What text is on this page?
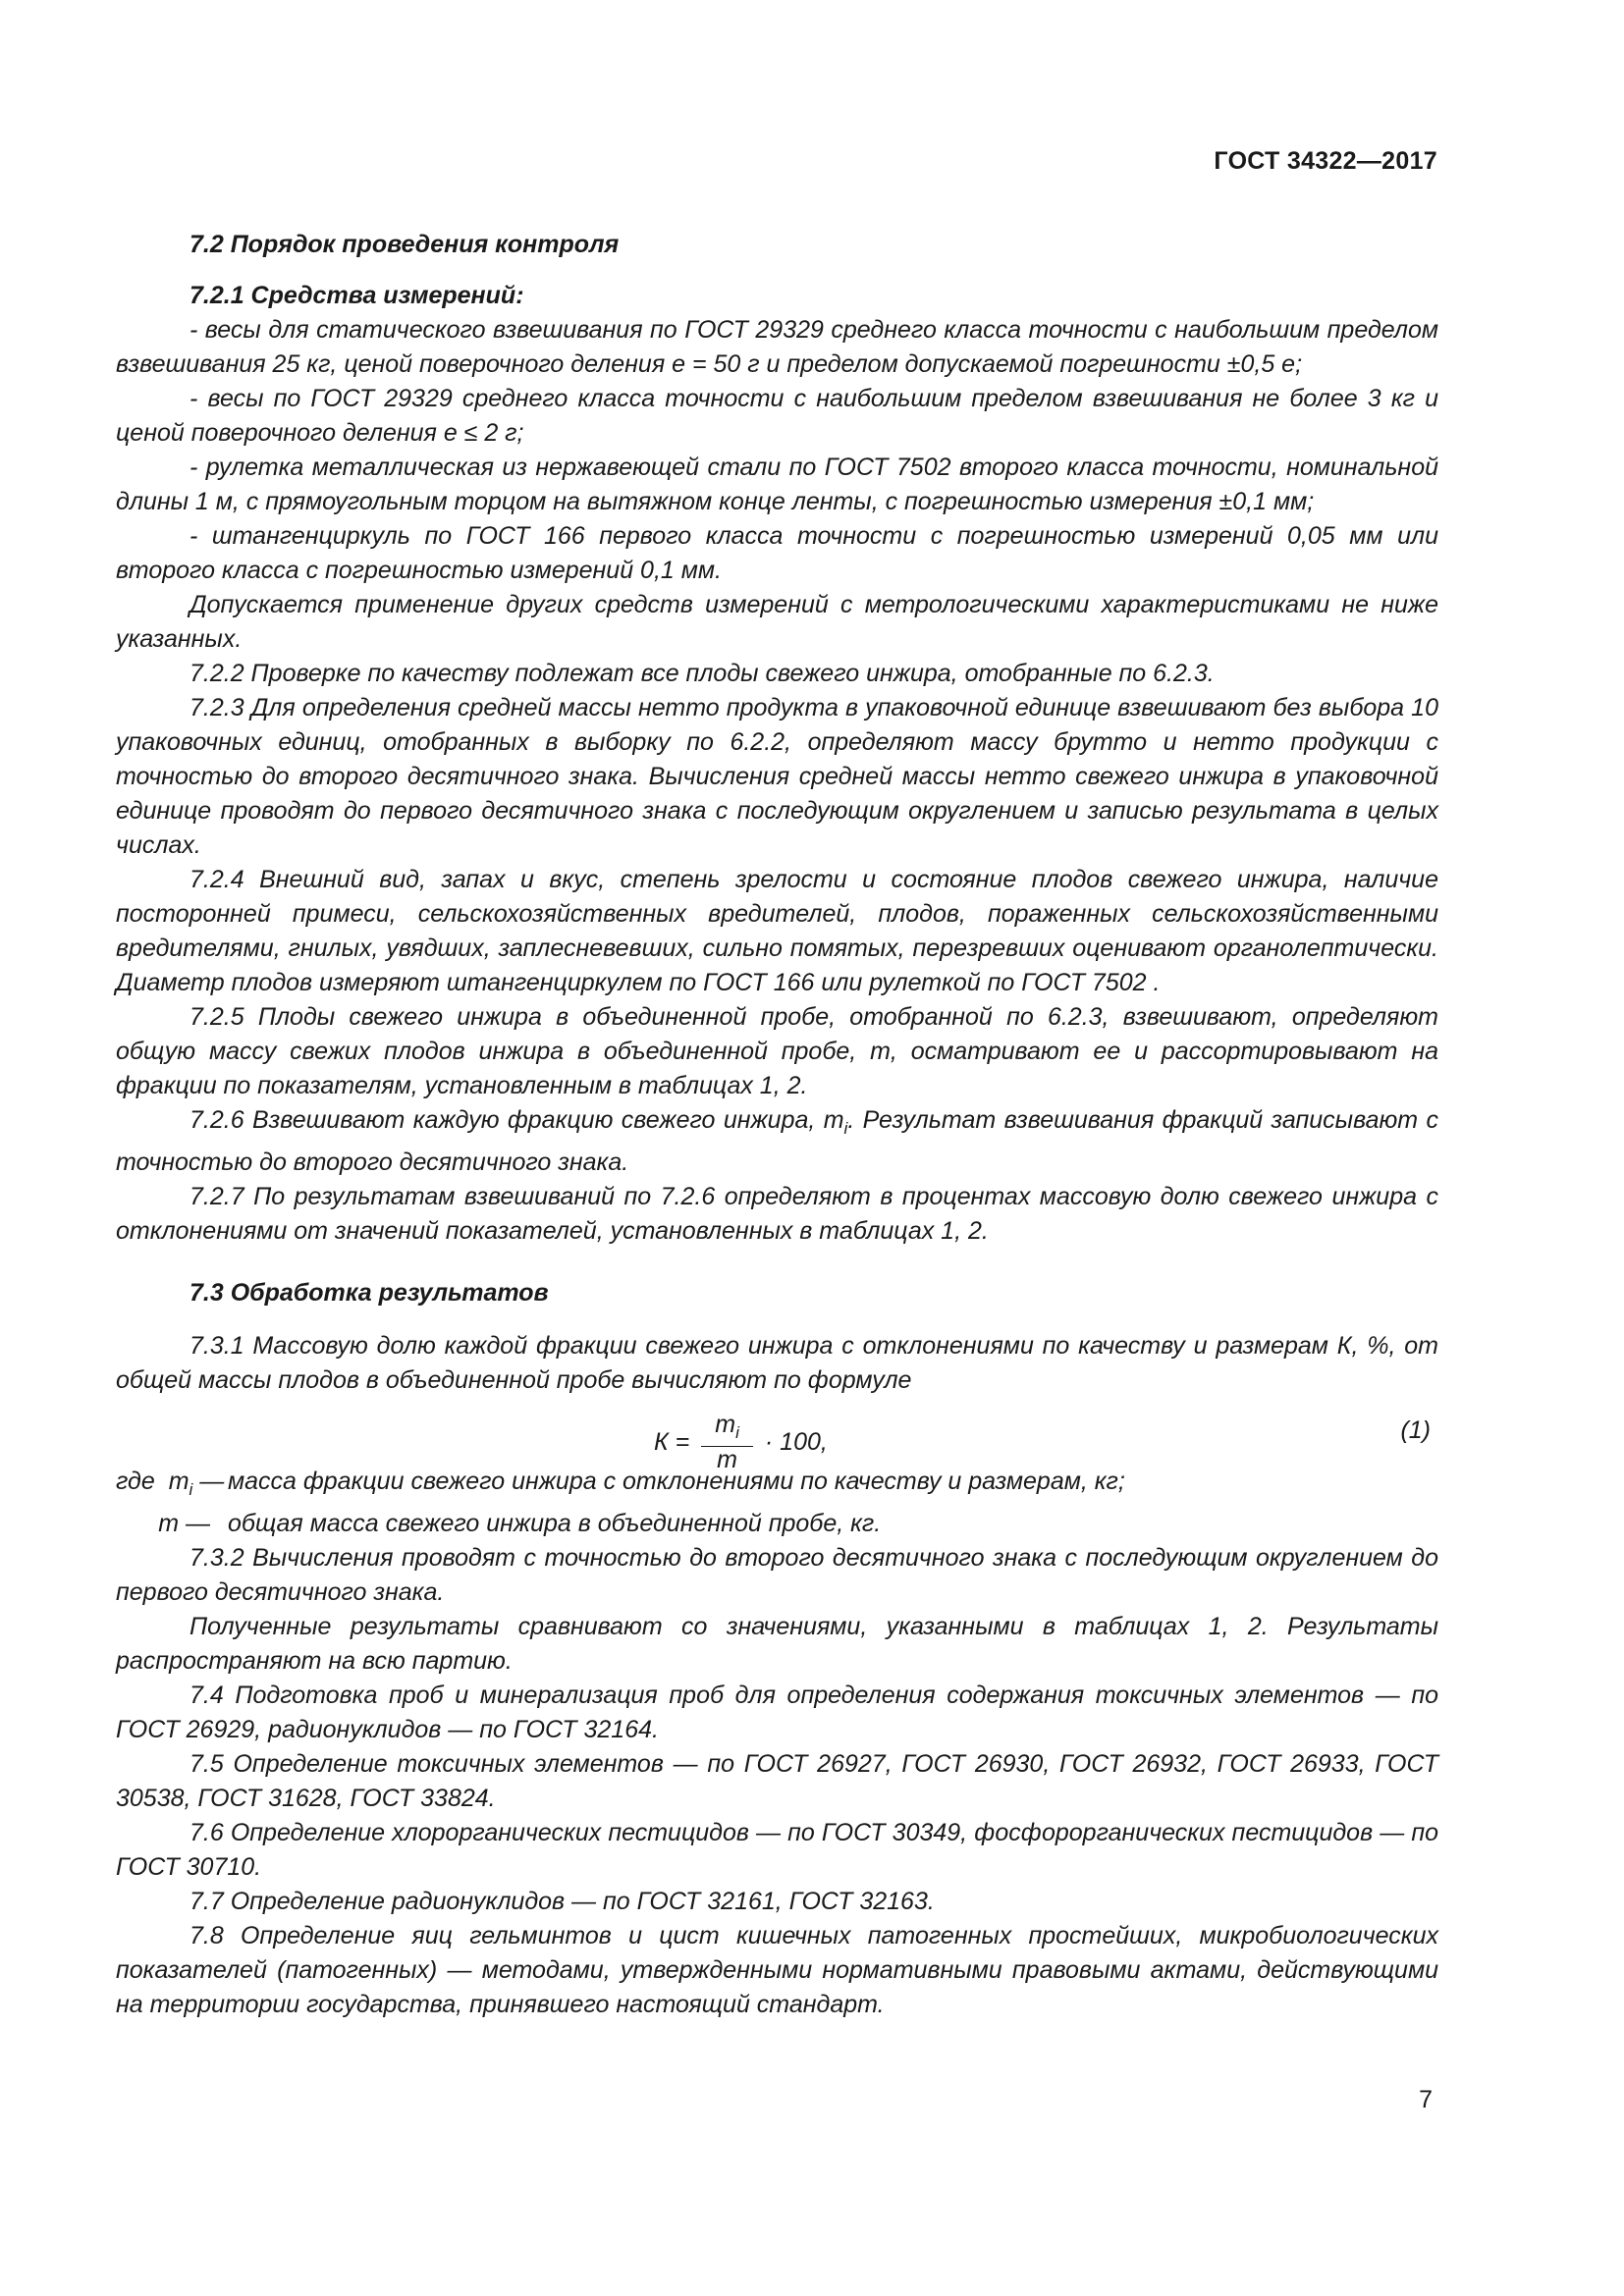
ГОСТ 34322—2017

7.2 Порядок проведения контроля

7.2.1 Средства измерений:

- весы для статического взвешивания по ГОСТ 29329 среднего класса точности с наибольшим пределом взвешивания 25 кг, ценой поверочного деления е = 50 г и пределом допускаемой погрешности ±0,5 е;

- весы по ГОСТ 29329 среднего класса точности с наибольшим пределом взвешивания не более 3 кг и ценой поверочного деления е ≤ 2 г;

- рулетка металлическая из нержавеющей стали по ГОСТ 7502 второго класса точности, номинальной длины 1 м, с прямоугольным торцом на вытяжном конце ленты, с погрешностью измерения ±0,1 мм;

- штангенциркуль по ГОСТ 166 первого класса точности с погрешностью измерений 0,05 мм или второго класса с погрешностью измерений 0,1 мм.

Допускается применение других средств измерений с метрологическими характеристиками не ниже указанных.

7.2.2 Проверке по качеству подлежат все плоды свежего инжира, отобранные по 6.2.3.

7.2.3 Для определения средней массы нетто продукта в упаковочной единице взвешивают без выбора 10 упаковочных единиц, отобранных в выборку по 6.2.2, определяют массу брутто и нетто продукции с точностью до второго десятичного знака. Вычисления средней массы нетто свежего инжира в упаковочной единице проводят до первого десятичного знака с последующим округлением и записью результата в целых числах.

7.2.4 Внешний вид, запах и вкус, степень зрелости и состояние плодов свежего инжира, наличие посторонней примеси, сельскохозяйственных вредителей, плодов, пораженных сельскохозяйственными вредителями, гнилых, увядших, заплесневевших, сильно помятых, перезревших оценивают органолептически. Диаметр плодов измеряют штангенциркулем по ГОСТ 166 или рулеткой по ГОСТ 7502 .

7.2.5 Плоды свежего инжира в объединенной пробе, отобранной по 6.2.3, взвешивают, определяют общую массу свежих плодов инжира в объединенной пробе, m, осматривают ее и рассортировывают на фракции по показателям, установленным в таблицах 1, 2.

7.2.6 Взвешивают каждую фракцию свежего инжира, $m_i$. Результат взвешивания фракций записывают с точностью до второго десятичного знака.

7.2.7 По результатам взвешиваний по 7.2.6 определяют в процентах массовую долю свежего инжира с отклонениями от значений показателей, установленных в таблицах 1, 2.

7.3 Обработка результатов

7.3.1 Массовую долю каждой фракции свежего инжира с отклонениями по качеству и размерам К, %, от общей массы плодов в объединенной пробе вычисляют по формуле

$К = \frac{m_i}{m} \cdot 100$,	(1)
где $m_i$ — масса фракции свежего инжира с отклонениями по качеству и размерам, кг;
m — общая масса свежего инжира в объединенной пробе, кг.

7.3.2 Вычисления проводят с точностью до второго десятичного знака с последующим округлением до первого десятичного знака.

Полученные результаты сравнивают со значениями, указанными в таблицах 1, 2. Результаты распространяют на всю партию.

7.4 Подготовка проб и минерализация проб для определения содержания токсичных элементов — по ГОСТ 26929, радионуклидов — по ГОСТ 32164.

7.5 Определение токсичных элементов — по ГОСТ 26927, ГОСТ 26930, ГОСТ 26932, ГОСТ 26933, ГОСТ 30538, ГОСТ 31628, ГОСТ 33824.

7.6 Определение хлорорганических пестицидов — по ГОСТ 30349, фосфорорганических пестицидов — по ГОСТ 30710.

7.7 Определение радионуклидов — по ГОСТ 32161, ГОСТ 32163.

7.8 Определение яиц гельминтов и цист кишечных патогенных простейших, микробиологических показателей (патогенных) — методами, утвержденными нормативными правовыми актами, действующими на территории государства, принявшего настоящий стандарт.

7
